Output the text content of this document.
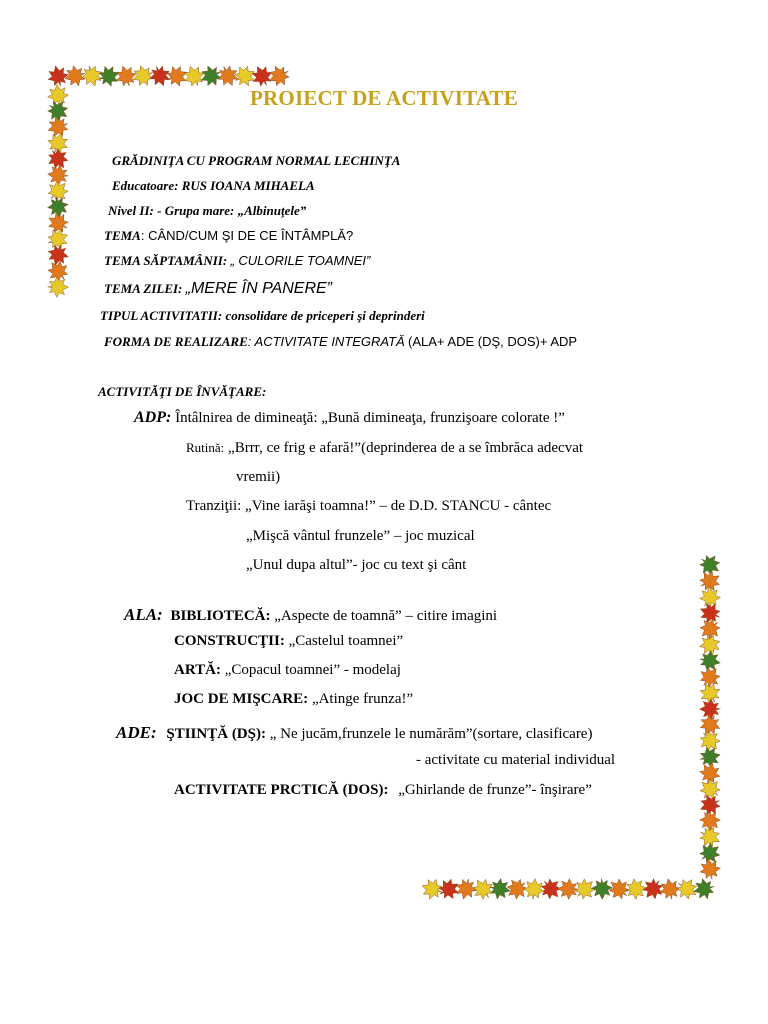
PROIECT DE ACTIVITATE
GRĂDINIŢA CU PROGRAM NORMAL LECHINŢA
Educatoare: RUS IOANA MIHAELA
Nivel II: - Grupa mare: „Albinuţele”
TEMA: CÂND/CUM ŞI DE CE ÎNTÂMPLĂ?
TEMA SĂPTAMÂNII: „ CULORILE TOAMNEI”
TEMA ZILEI: „MERE ÎN PANERE”
TIPUL ACTIVITATII: consolidare de priceperi şi deprinderi
FORMA DE REALIZARE: ACTIVITATE INTEGRATĂ (ALA+ ADE (DŞ, DOS)+ ADP
ACTIVITĂŢI DE ÎNVĂŢARE:
ADP: Întâlnirea de dimineaţă: „Bună dimineaţa, frunzişoare colorate !”
Rutină: „Brrr, ce frig e afară!”(deprinderea de a se îmbrăca adecvat
vremii)
Tranziţii: „Vine iarăşi toamna!” – de D.D. STANCU - cântec
„Mişcă vântul frunzele” – joc muzical
„Unul dupa altul”- joc cu text şi cânt
ALA: BIBLIOTECĂ: „Aspecte de toamnă” – citire imagini
CONSTRUCŢII: „Castelul toamnei”
ARTĂ: „Copacul toamnei” - modelaj
JOC DE MIŞCARE: „Atinge frunza!”
ADE: ŞTIINŢĂ (DŞ): „ Ne jucăm,frunzele le numărăm”(sortare, clasificare)
- activitate cu material individual
ACTIVITATE PRCTICĂ (DOS): „Ghirlande de frunze”- înşirare”
